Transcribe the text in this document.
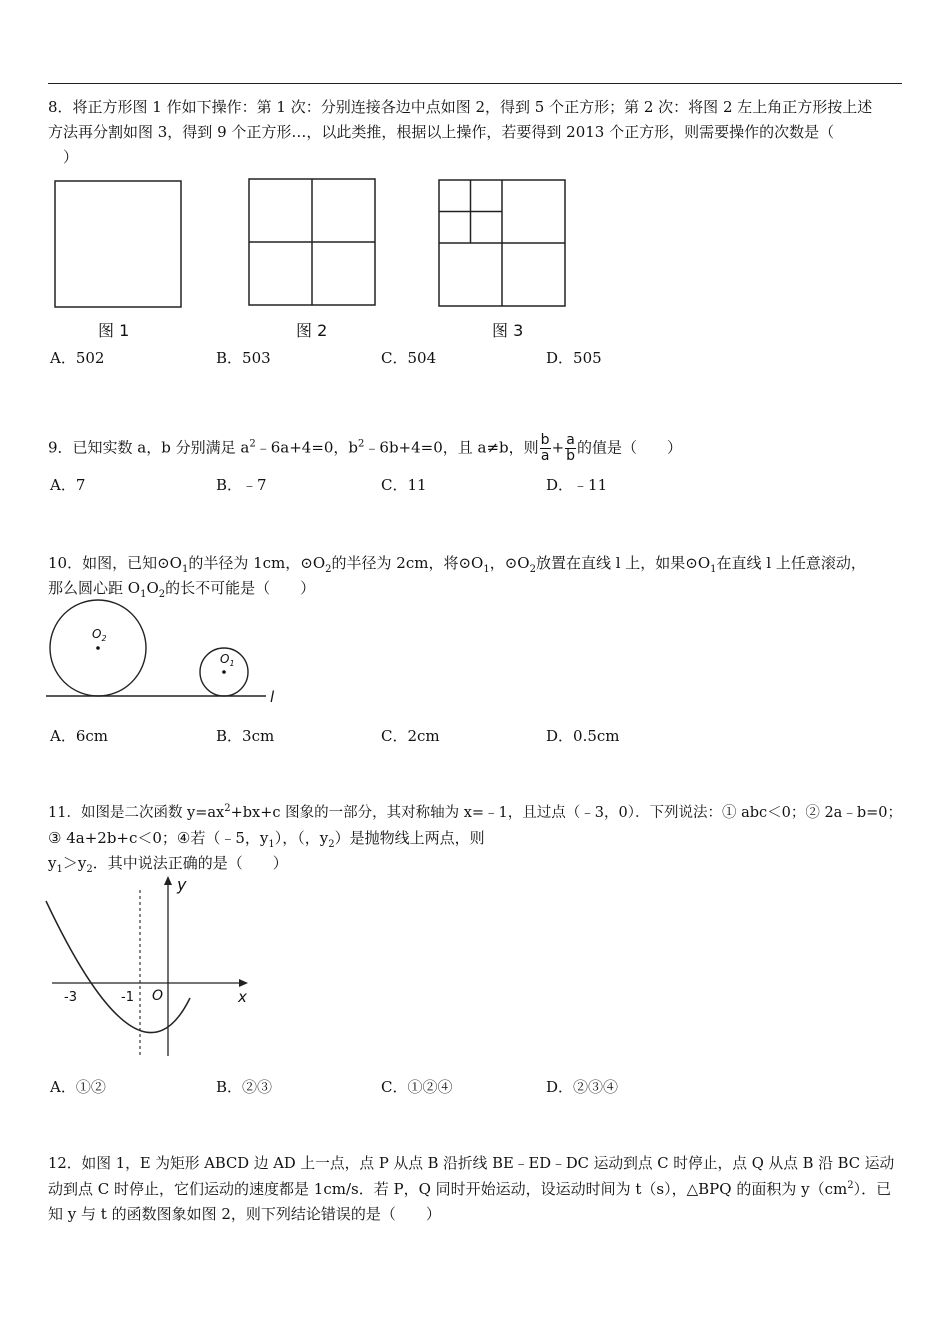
8．将正方形图 1 作如下操作：第 1 次：分别连接各边中点如图 2，得到 5 个正方形；第 2 次：将图 2 左上角正方形按上述
方法再分割如图 3，得到 9 个正方形…，以此类推，根据以上操作，若要得到 2013 个正方形，则需要操作的次数是（
　）
图 1	图 2	图 3
A．502	B．503	C．504	D．505
9．已知实数 a，b 分别满足 $a^2﹣6a+4=0$，$b^2﹣6b+4=0$，且 a≠b，则 $\frac{b}{a} + \frac{a}{b}$ 的值是（　　）
A．7	B．﹣7	C．11	D．﹣11
10．如图，已知$⊙O_1$的半径为 1cm，$⊙O_2$的半径为 2cm，将$⊙O_1$，$⊙O_2$放置在直线 l 上，如果$⊙O_1$在直线 l 上任意滚动，
那么圆心距 $O_1O_2$的长不可能是（　　）
$O_2$
$O_1$
l
A．6cm	B．3cm	C．2cm	D．0.5cm
11．如图是二次函数 $y=ax^2+bx+c$ 图象的一部分，其对称轴为 x=﹣1，且过点（﹣3，0）．下列说法：① abc＜0；② 2a﹣b=0；
③ 4a+2b+c＜0；④若（﹣5，$y_1$），（，$y_2$）是抛物线上两点，则
$y_1>y_2$．其中说法正确的是（　　）
y
x
O
-3	-1
A．①②	B．②③	C．①②④	D．②③④
12．如图 1，E 为矩形 ABCD 边 AD 上一点，点 P 从点 B 沿折线 BE﹣ED﹣DC 运动到点 C 时停止，点 Q 从点 B 沿 BC 运动
动到点 C 时停止，它们运动的速度都是 1cm/s．若 P，Q 同时开始运动，设运动时间为 t（s），△BPQ 的面积为 $y(cm^2)$．已
知 y 与 t 的函数图象如图 2，则下列结论错误的是（　　）
